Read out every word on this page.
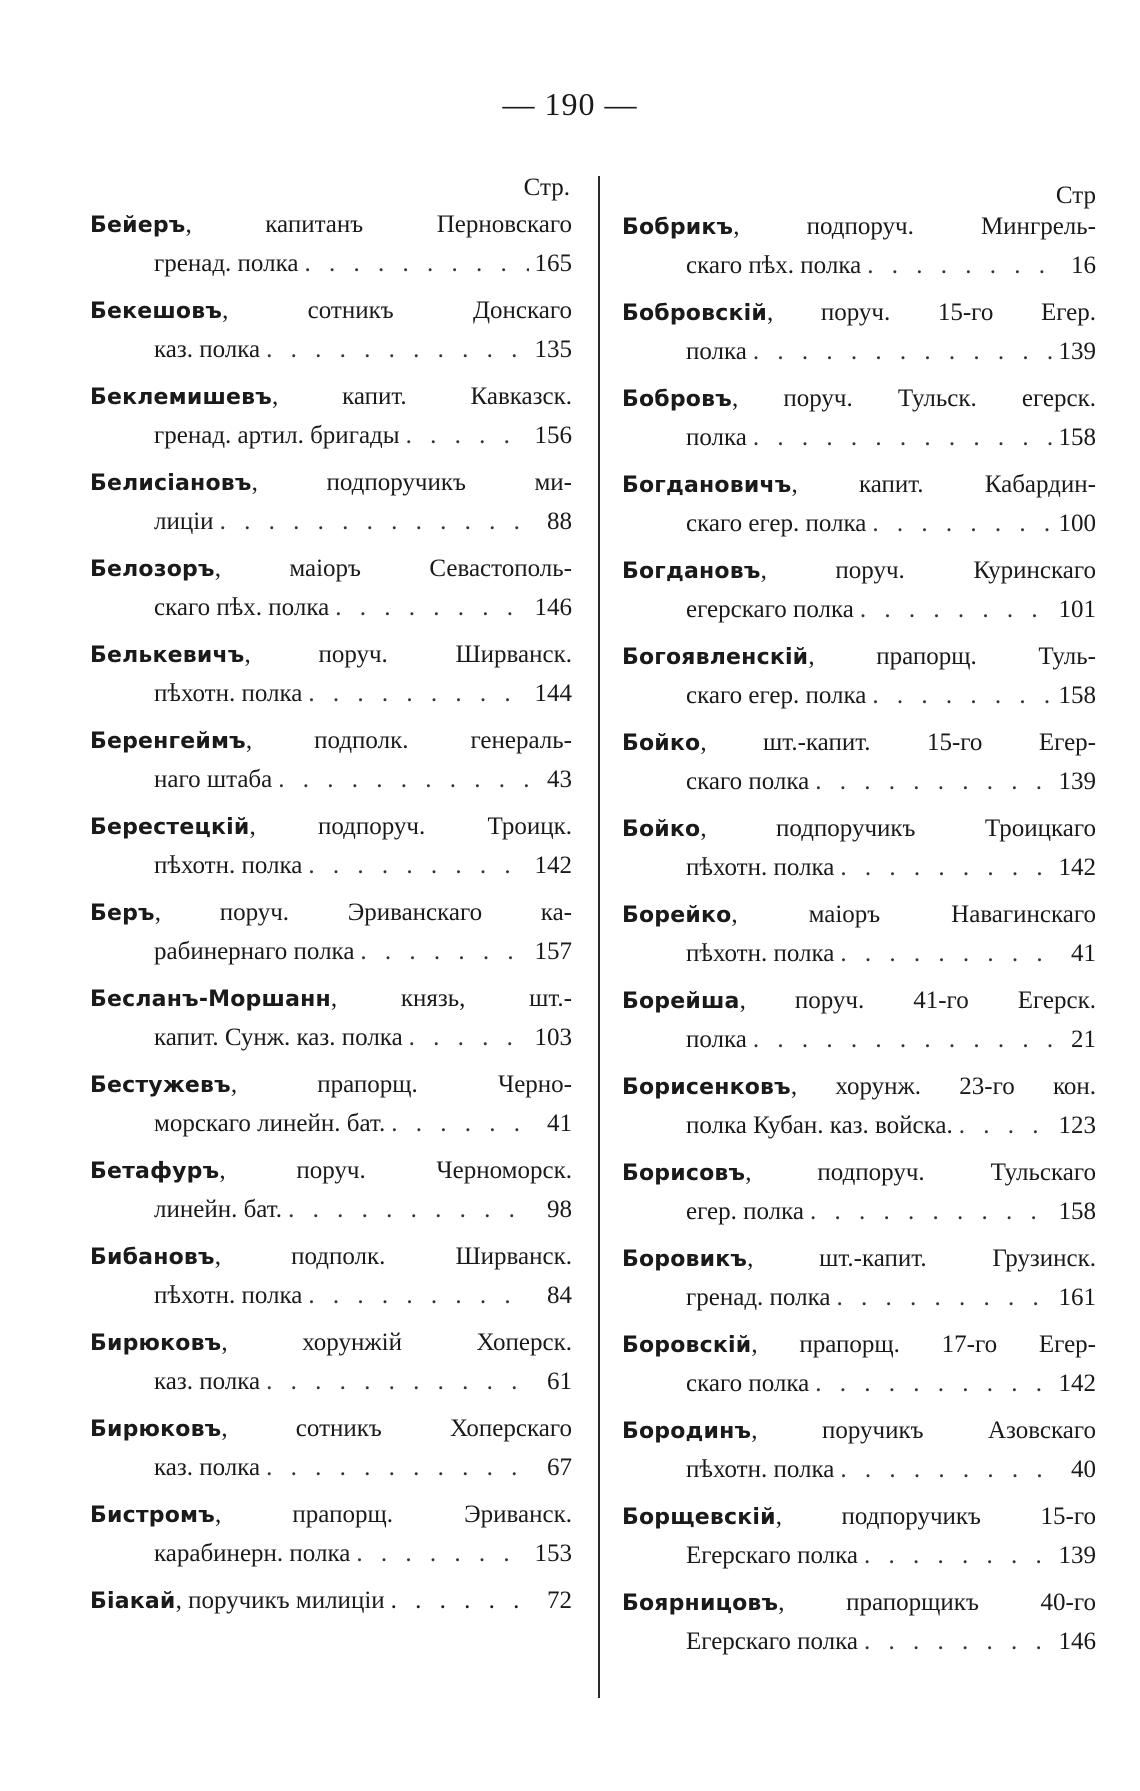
— 190 —
Стр.
Бейеръ, капитанъ Перновскаго
гренад. полка . . .	165
Бекешовъ, сотникъ Донскаго
каз. полка . . .	135
Беклемишевъ, капит. Кавказск.
гренад. артил. бригады . . .	156
Белисіановъ, подпоручикъ ми-
лиціи . . .	88
Белозоръ, маіоръ Севастополь-
скаго пѣх. полка . . .	146
Белькевичъ, поруч. Ширванск.
пѣхотн. полка . . .	144
Беренгеймъ, подполк. генераль-
наго штаба . . .	43
Берестецкій, подпоруч. Троицк.
пѣхотн. полка . . .	142
Беръ, поруч. Эриванскаго ка-
рабинернаго полка . . .	157
Бесланъ-Моршанн, князь, шт.-
капит. Сунж. каз. полка . . .	103
Бестужевъ, прапорщ. Черно-
морскаго линейн. бат. . . .	41
Бетафуръ, поруч. Черноморск.
линейн. бат. . . .	98
Бибановъ, подполк. Ширванск.
пѣхотн. полка . . .	84
Бирюковъ, хорунжій Хоперск.
каз. полка . . .	61
Бирюковъ, сотникъ Хоперскаго
каз. полка . . .	67
Бистромъ, прапорщ. Эриванск.
карабинерн. полка . . .	153
Біакай , поручикъ милиціи . . .	72
Стр
Бобрикъ, подпоруч. Мингрель-
скаго пѣх. полка . . .	16
Бобровскій, поруч. 15-го Егер.
полка . . .	139
Бобровъ, поруч. Тульск. егерск.
полка . . .	158
Богдановичъ, капит. Кабардин-
скаго егер. полка . . .	100
Богдановъ, поруч. Куринскаго
егерскаго полка . . .	101
Богоявленскій, прапорщ. Туль-
скаго егер. полка . . .	158
Бойко, шт.-капит. 15-го Егер-
скаго полка . . .	139
Бойко, подпоручикъ Троицкаго
пѣхотн. полка . . .	142
Борейко, маіоръ Навагинскаго
пѣхотн. полка . . .	41
Борейша, поруч. 41-го Егерск.
полка . . .	21
Борисенковъ, хорунж. 23-го кон.
полка Кубан. каз. войска. . . .	123
Борисовъ, подпоруч. Тульскаго
егер. полка . . .	158
Боровикъ, шт.-капит. Грузинск.
гренад. полка . . .	161
Боровскій, прапорщ. 17-го Егер-
скаго полка . . .	142
Бородинъ, поручикъ Азовскаго
пѣхотн. полка . . .	40
Борщевскій, подпоручикъ 15-го
Егерскаго полка . . .	139
Боярницовъ, прапорщикъ 40-го
Егерскаго полка . . .	146
